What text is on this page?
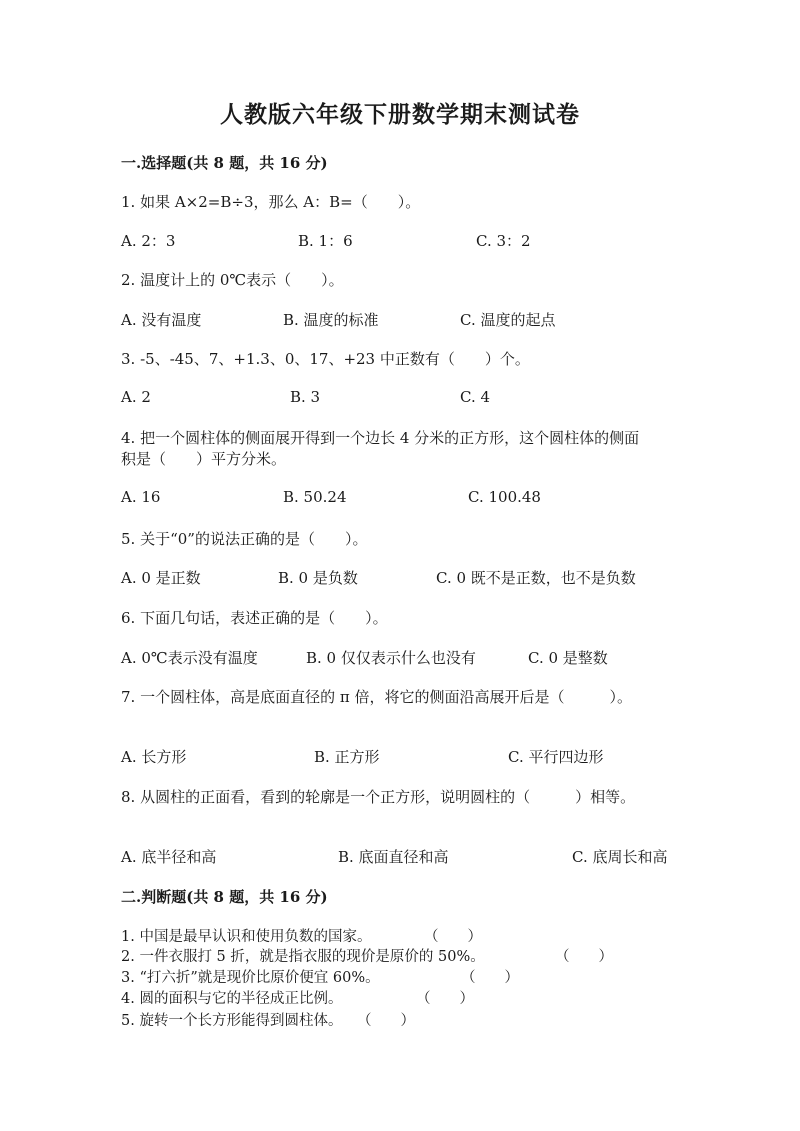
人教版六年级下册数学期末测试卷
一.选择题(共 8 题，共 16 分)
1. 如果 A×2=B÷3，那么 A：B=（　　）。
A. 2：3	B. 1：6	C. 3：2
2. 温度计上的 0℃表示（　　）。
A. 没有温度	B. 温度的标准	C. 温度的起点
3. -5、-45、7、+1.3、0、17、+23 中正数有（　　）个。
A. 2	B. 3	C. 4
4. 把一个圆柱体的侧面展开得到一个边长 4 分米的正方形，这个圆柱体的侧面
积是（　　）平方分米。
A. 16	B. 50.24	C. 100.48
5. 关于“0”的说法正确的是（　　）。
A. 0 是正数	B. 0 是负数	C. 0 既不是正数，也不是负数
6. 下面几句话，表述正确的是（　　）。
A. 0℃表示没有温度	B. 0 仅仅表示什么也没有	C. 0 是整数
7. 一个圆柱体，高是底面直径的 π 倍，将它的侧面沿高展开后是（　　　）。
A. 长方形	B. 正方形	C. 平行四边形
8. 从圆柱的正面看，看到的轮廓是一个正方形，说明圆柱的（　　　）相等。
A. 底半径和高	B. 底面直径和高	C. 底周长和高
二.判断题(共 8 题，共 16 分)
1. 中国是最早认识和使用负数的国家。	（　　）
2. 一件衣服打 5 折，就是指衣服的现价是原价的 50%。	（　　）
3. “打六折”就是现价比原价便宜 60%。	（　　）
4. 圆的面积与它的半径成正比例。	（　　）
5. 旋转一个长方形能得到圆柱体。 （　　）
